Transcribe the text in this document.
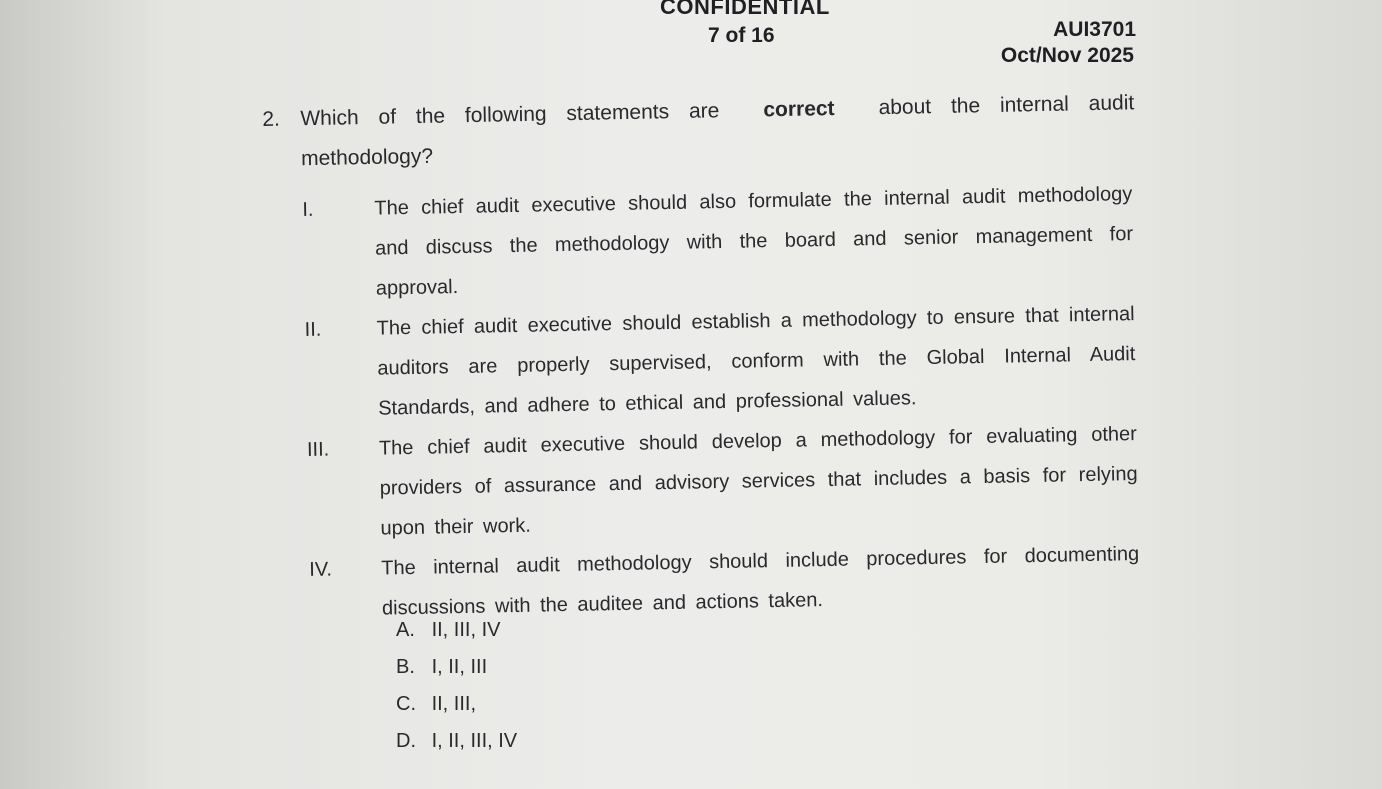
CONFIDENTIAL
7 of 16	AUI3701
Oct/Nov 2025
2. Which of the following statements are correct about the internal audit
methodology?
I.	The chief audit executive should also formulate the internal audit methodology and discuss the methodology with the board and senior management for approval.
II.	The chief audit executive should establish a methodology to ensure that internal auditors are properly supervised, conform with the Global Internal Audit Standards, and adhere to ethical and professional values.
III.	The chief audit executive should develop a methodology for evaluating other providers of assurance and advisory services that includes a basis for relying upon their work.
IV.	The internal audit methodology should include procedures for documenting discussions with the auditee and actions taken.
A. II, III, IV
B. I, II, III
C. II, III,
D. I, II, III, IV
